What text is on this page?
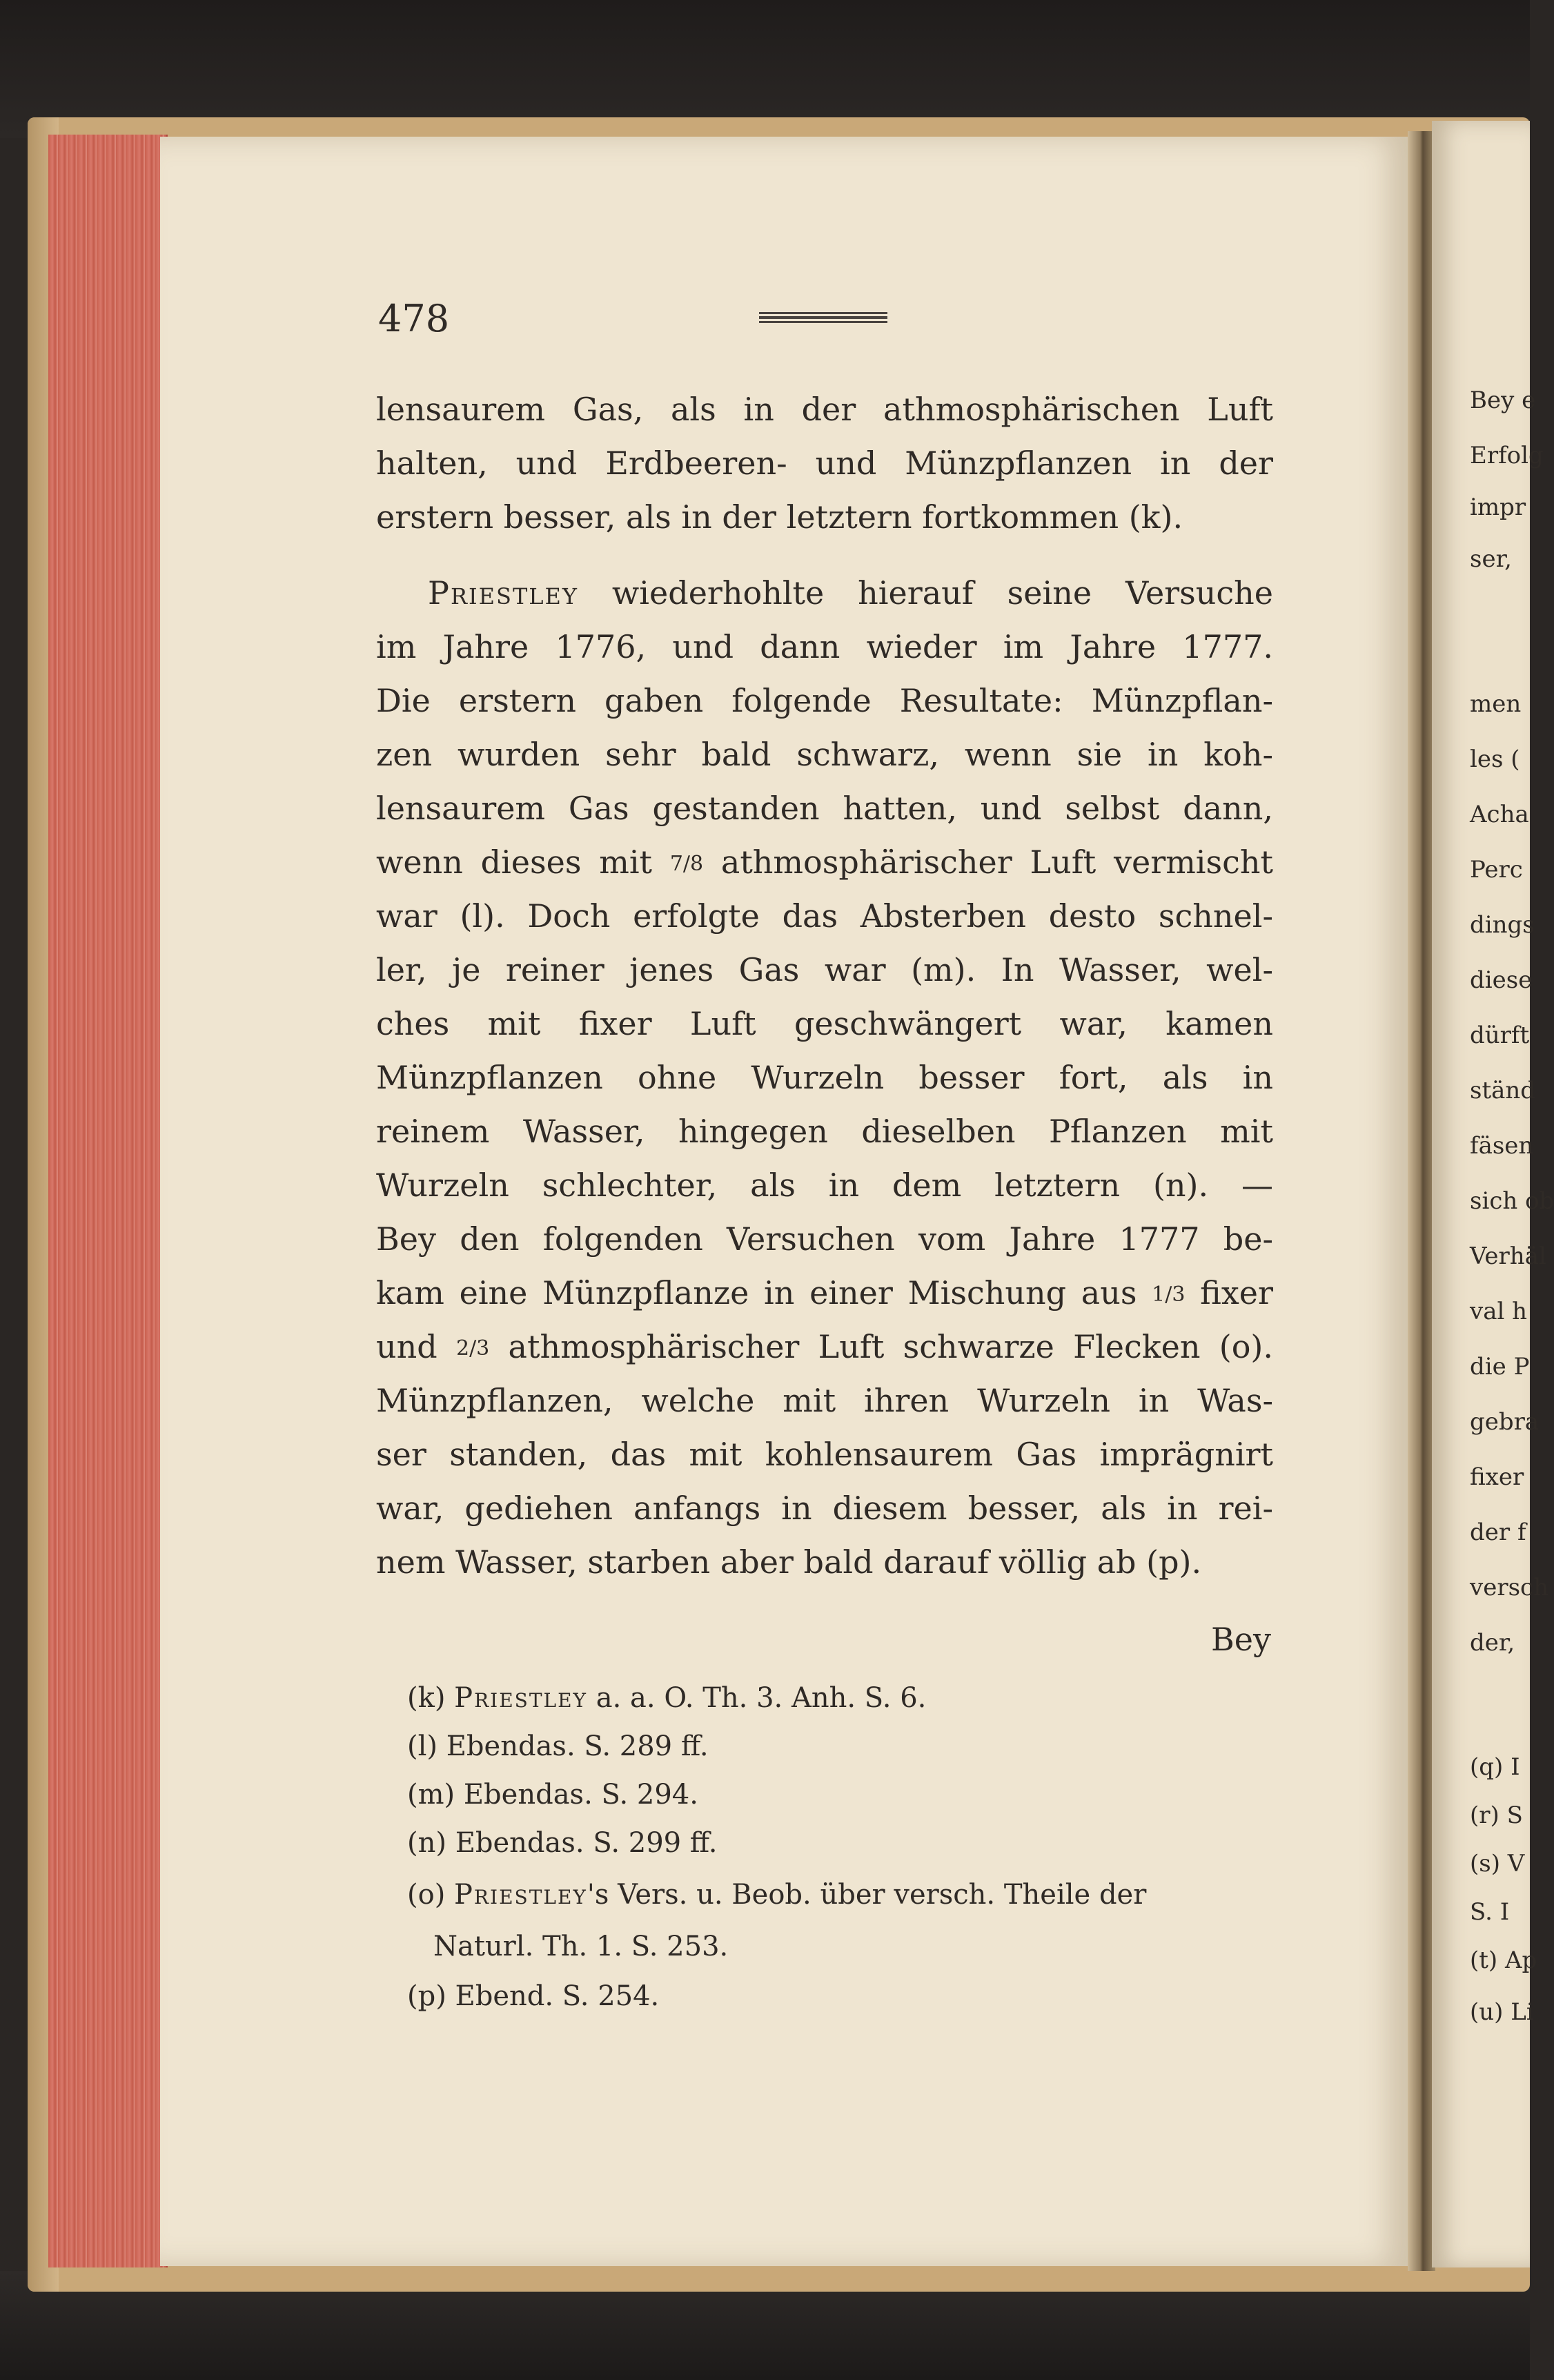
478
lensaurem Gas, als in der athmosphärischen Luft
halten, und Erdbeeren- und Münzpflanzen in der
erstern besser, als in der letztern fortkommen (k).
Priestley wiederhohlte hierauf seine Versuche
im Jahre 1776, und dann wieder im Jahre 1777.
Die erstern gaben folgende Resultate: Münzpflan-
zen wurden sehr bald schwarz, wenn sie in koh-
lensaurem Gas gestanden hatten, und selbst dann,
wenn dieses mit 7/8 athmosphärischer Luft vermischt
war (l). Doch erfolgte das Absterben desto schnel-
ler, je reiner jenes Gas war (m). In Wasser, wel-
ches mit fixer Luft geschwängert war, kamen
Münzpflanzen ohne Wurzeln besser fort, als in
reinem Wasser, hingegen dieselben Pflanzen mit
Wurzeln schlechter, als in dem letztern (n). —
Bey den folgenden Versuchen vom Jahre 1777 be-
kam eine Münzpflanze in einer Mischung aus 1/3 fixer
und 2/3 athmosphärischer Luft schwarze Flecken (o).
Münzpflanzen, welche mit ihren Wurzeln in Was-
ser standen, das mit kohlensaurem Gas imprägnirt
war, gediehen anfangs in diesem besser, als in rei-
nem Wasser, starben aber bald darauf völlig ab (p).
Bey
(k) Priestley a. a. O. Th. 3. Anh. S. 6.
(l) Ebendas. S. 289 ff.
(m) Ebendas. S. 294.
(n) Ebendas. S. 299 ff.
(o) Priestley's Vers. u. Beob. über versch. Theile der
Naturl. Th. 1. S. 253.
(p) Ebend. S. 254.
Bey e
Erfolg
impr
ser,
men
les (
Acha
Perc
dings
diese
dürft
ständ
fäsen
sich ob
Verhäl
val h
die P
gebra
fixer
der f
versch
der,
(q) I
(r) S
(s) V
S. I
(t) Ap
(u) Li
